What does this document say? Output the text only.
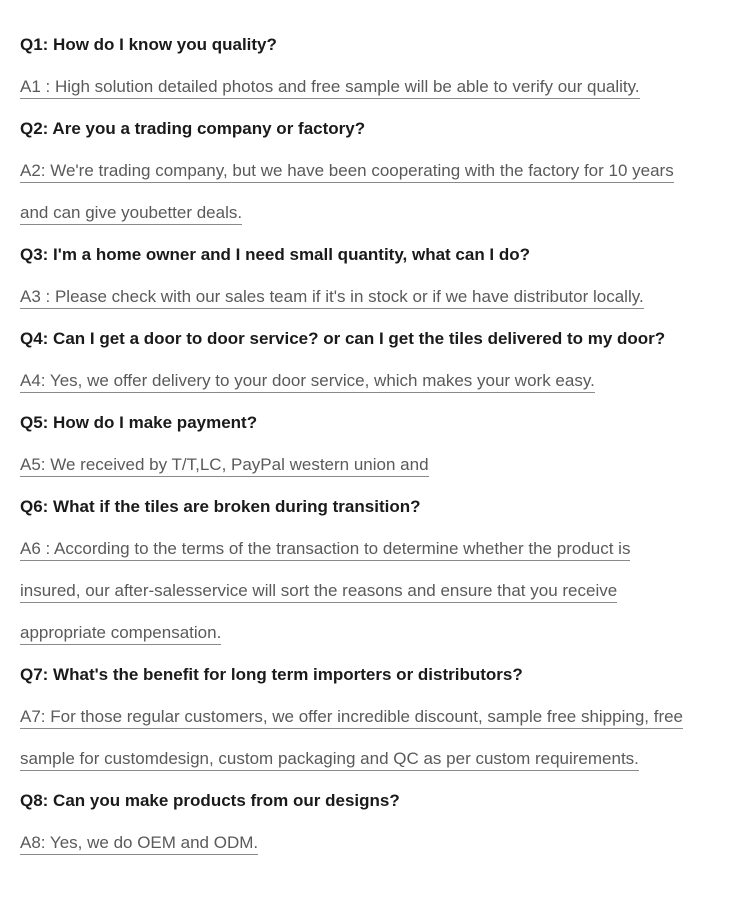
Q1: How do I know you quality?
A1 : High solution detailed photos and free sample will be able to verify our quality.
Q2: Are you a trading company or factory?
A2: We're trading company, but we have been cooperating with the factory for 10 years
and can give youbetter deals.
Q3: I'm a home owner and I need small quantity, what can I do?
A3 : Please check with our sales team if it's in stock or if we have distributor locally.
Q4: Can I get a door to door service? or can I get the tiles delivered to my door?
A4: Yes, we offer delivery to your door service, which makes your work easy.
Q5: How do I make payment?
A5: We received by T/T,LC, PayPal western union and
Q6: What if the tiles are broken during transition?
A6 : According to the terms of the transaction to determine whether the product is
insured, our after-salesservice will sort the reasons and ensure that you receive
appropriate compensation.
Q7: What's the benefit for long term importers or distributors?
A7: For those regular customers, we offer incredible discount, sample free shipping, free
sample for customdesign, custom packaging and QC as per custom requirements.
Q8: Can you make products from our designs?
A8: Yes, we do OEM and ODM.
